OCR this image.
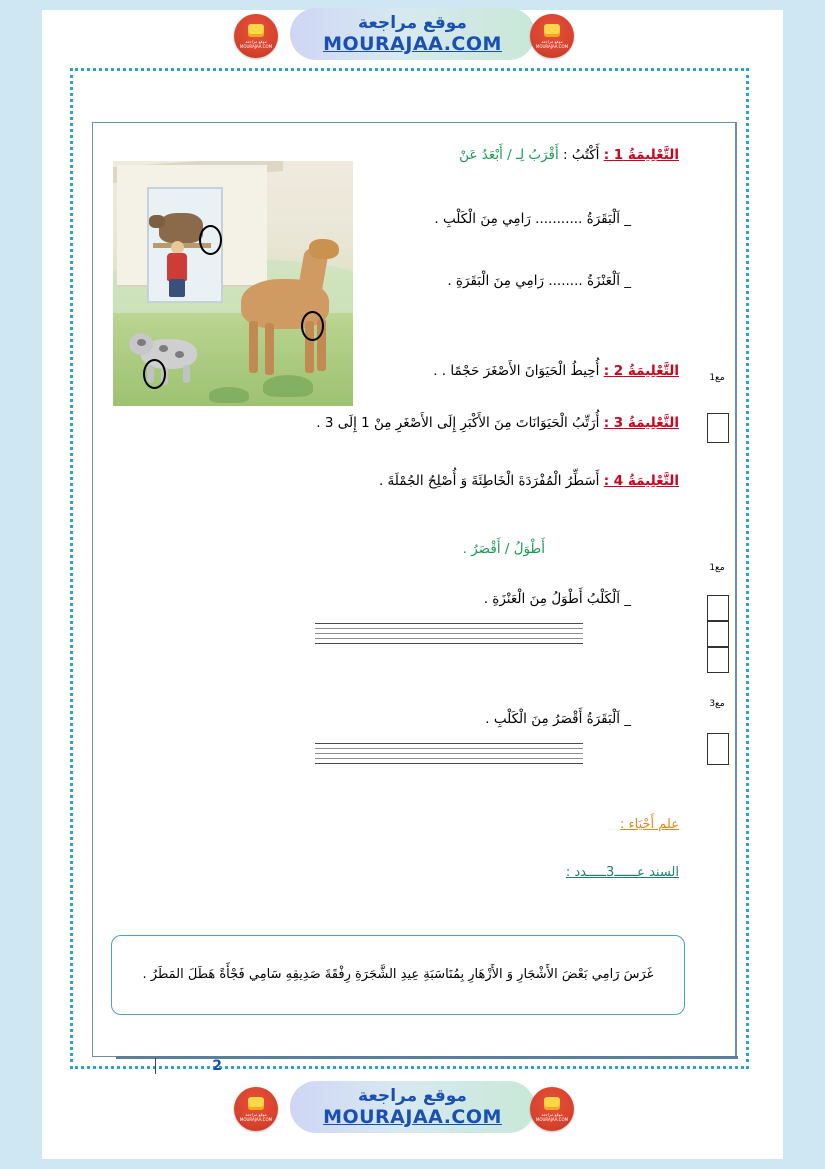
موقع مراجعة MOURAJAA.COM
موقع مراجعة
MOURAJAA.COM	موقع مراجعة MOURAJAA.COM
مع1
مع1
مع3
التَّعْلِيمَةُ 1 : أَكْتُبُ : أَقْرَبُ لِـ / أَبْعَدُ عَنْ
_ اَلْبَقَرَةُ ........... رَامِي مِنَ الْكَلْبِ .
_ اَلْعَنْزَةُ ........ رَامِي مِنَ الْبَقَرَةِ .
التَّعْلِيمَةُ 2 : أُحِيطُ الْحَيَوَانَ الأَصْغَرَ حَجْمًا . .
التَّعْلِيمَةُ 3 : أُرَتِّبُ الْحَيَوَانَاتَ مِنَ الأَكْبَرِ إِلَى الأَصْغَرِ مِنْ 1 إِلَى 3 .
التَّعْلِيمَةُ 4 : أَسَطِّرُ الْمُفْرَدَةَ الْخَاطِئَةَ وَ أُصْلِحُ الجُمْلَةَ .
أَطْوَلُ / أَقْصَرُ .
_ اَلْكَلْبُ أَطْوَلُ مِنَ الْعَنْزَةِ .
_ اَلْبَقَرَةُ أَقْصَرُ مِنَ الْكَلْبِ .
علم أَحْيَاء :
السند عــــــ3ـــــدد :

غَرَسَ رَامِي بَعْضَ الأَشْجَارِ وَ الأَزْهَارِ بِمُنَاسَبَةِ عِيدِ الشَّجَرَةِ رِفْقَةَ صَدِيقِهِ سَامِي فَجْأَةً هَطَلَ المَطَرُ .

2
موقع مراجعة MOURAJAA.COM
موقع مراجعة
MOURAJAA.COM	موقع مراجعة MOURAJAA.COM
